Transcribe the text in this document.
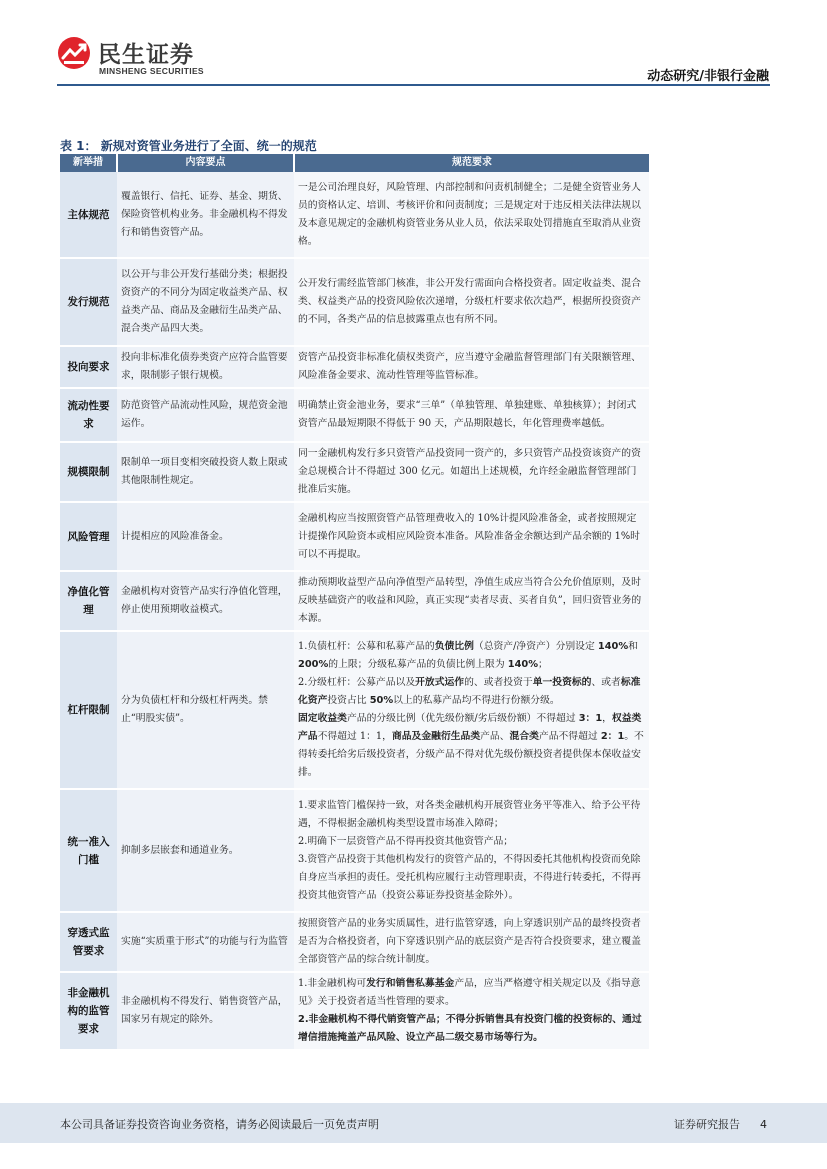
民生证券
MINSHENG SECURITIES	动态研究/非银行金融
表 1： 新规对资管业务进行了全面、统一的规范
新举措	内容要点	规范要求
主体规范	覆盖银行、信托、证券、基金、期货、保险资管机构业务。非金融机构不得发行和销售资管产品。	一是公司治理良好，风险管理、内部控制和问责机制健全；二是健全资管业务人员的资格认定、培训、考核评价和问责制度；三是规定对于违反相关法律法规以及本意见规定的金融机构资管业务从业人员，依法采取处罚措施直至取消从业资格。
发行规范	以公开与非公开发行基础分类；根据投资资产的不同分为固定收益类产品、权益类产品、商品及金融衍生品类产品、混合类产品四大类。	公开发行需经监管部门核准，非公开发行需面向合格投资者。固定收益类、混合类、权益类产品的投资风险依次递增，分级杠杆要求依次趋严，根据所投资资产的不同，各类产品的信息披露重点也有所不同。
投向要求	投向非标准化债券类资产应符合监管要求，限制影子银行规模。	资管产品投资非标准化债权类资产，应当遵守金融监督管理部门有关限额管理、风险准备金要求、流动性管理等监管标准。
流动性要求	防范资管产品流动性风险，规范资金池运作。	明确禁止资金池业务，要求“三单”（单独管理、单独建账、单独核算）；封闭式资管产品最短期限不得低于 90 天，产品期限越长，年化管理费率越低。
规模限制	限制单一项目变相突破投资人数上限或其他限制性规定。	同一金融机构发行多只资管产品投资同一资产的，多只资管产品投资该资产的资金总规模合计不得超过 300 亿元。如超出上述规模，允许经金融监督管理部门批准后实施。
风险管理	计提相应的风险准备金。	金融机构应当按照资管产品管理费收入的 10%计提风险准备金，或者按照规定计提操作风险资本或相应风险资本准备。风险准备金余额达到产品余额的 1%时可以不再提取。
净值化管理	金融机构对资管产品实行净值化管理，停止使用预期收益模式。	推动预期收益型产品向净值型产品转型，净值生成应当符合公允价值原则，及时反映基础资产的收益和风险，真正实现“卖者尽责、买者自负”，回归资管业务的本源。
杠杆限制	分为负债杠杆和分级杠杆两类。禁止“明股实债”。	1.负债杠杆：公募和私募产品的负债比例（总资产/净资产）分别设定 140%和 200%的上限；分级私募产品的负债比例上限为 140%；
2.分级杠杆：公募产品以及开放式运作的、或者投资于单一投资标的、或者标准化资产投资占比 50%以上的私募产品均不得进行份额分级。
固定收益类产品的分级比例（优先级份额/劣后级份额）不得超过 3：1，权益类产品不得超过 1：1，商品及金融衍生品类产品、混合类产品不得超过 2：1。不得转委托给劣后级投资者，分级产品不得对优先级份额投资者提供保本保收益安排。
统一准入门槛	抑制多层嵌套和通道业务。	1.要求监管门槛保持一致，对各类金融机构开展资管业务平等准入、给予公平待遇，不得根据金融机构类型设置市场准入障碍；
2.明确下一层资管产品不得再投资其他资管产品；
3.资管产品投资于其他机构发行的资管产品的，不得因委托其他机构投资而免除自身应当承担的责任。受托机构应履行主动管理职责，不得进行转委托，不得再投资其他资管产品（投资公募证券投资基金除外）。
穿透式监管要求	实施“实质重于形式”的功能与行为监管	按照资管产品的业务实质属性，进行监管穿透，向上穿透识别产品的最终投资者是否为合格投资者，向下穿透识别产品的底层资产是否符合投资要求，建立覆盖全部资管产品的综合统计制度。
非金融机构的监管要求	非金融机构不得发行、销售资管产品，国家另有规定的除外。	1.非金融机构可发行和销售私募基金产品，应当严格遵守相关规定以及《指导意见》关于投资者适当性管理的要求。
2.非金融机构不得代销资管产品；不得分拆销售具有投资门槛的投资标的、通过增信措施掩盖产品风险、设立产品二级交易市场等行为。
本公司具备证券投资咨询业务资格，请务必阅读最后一页免责声明	证券研究报告 4
